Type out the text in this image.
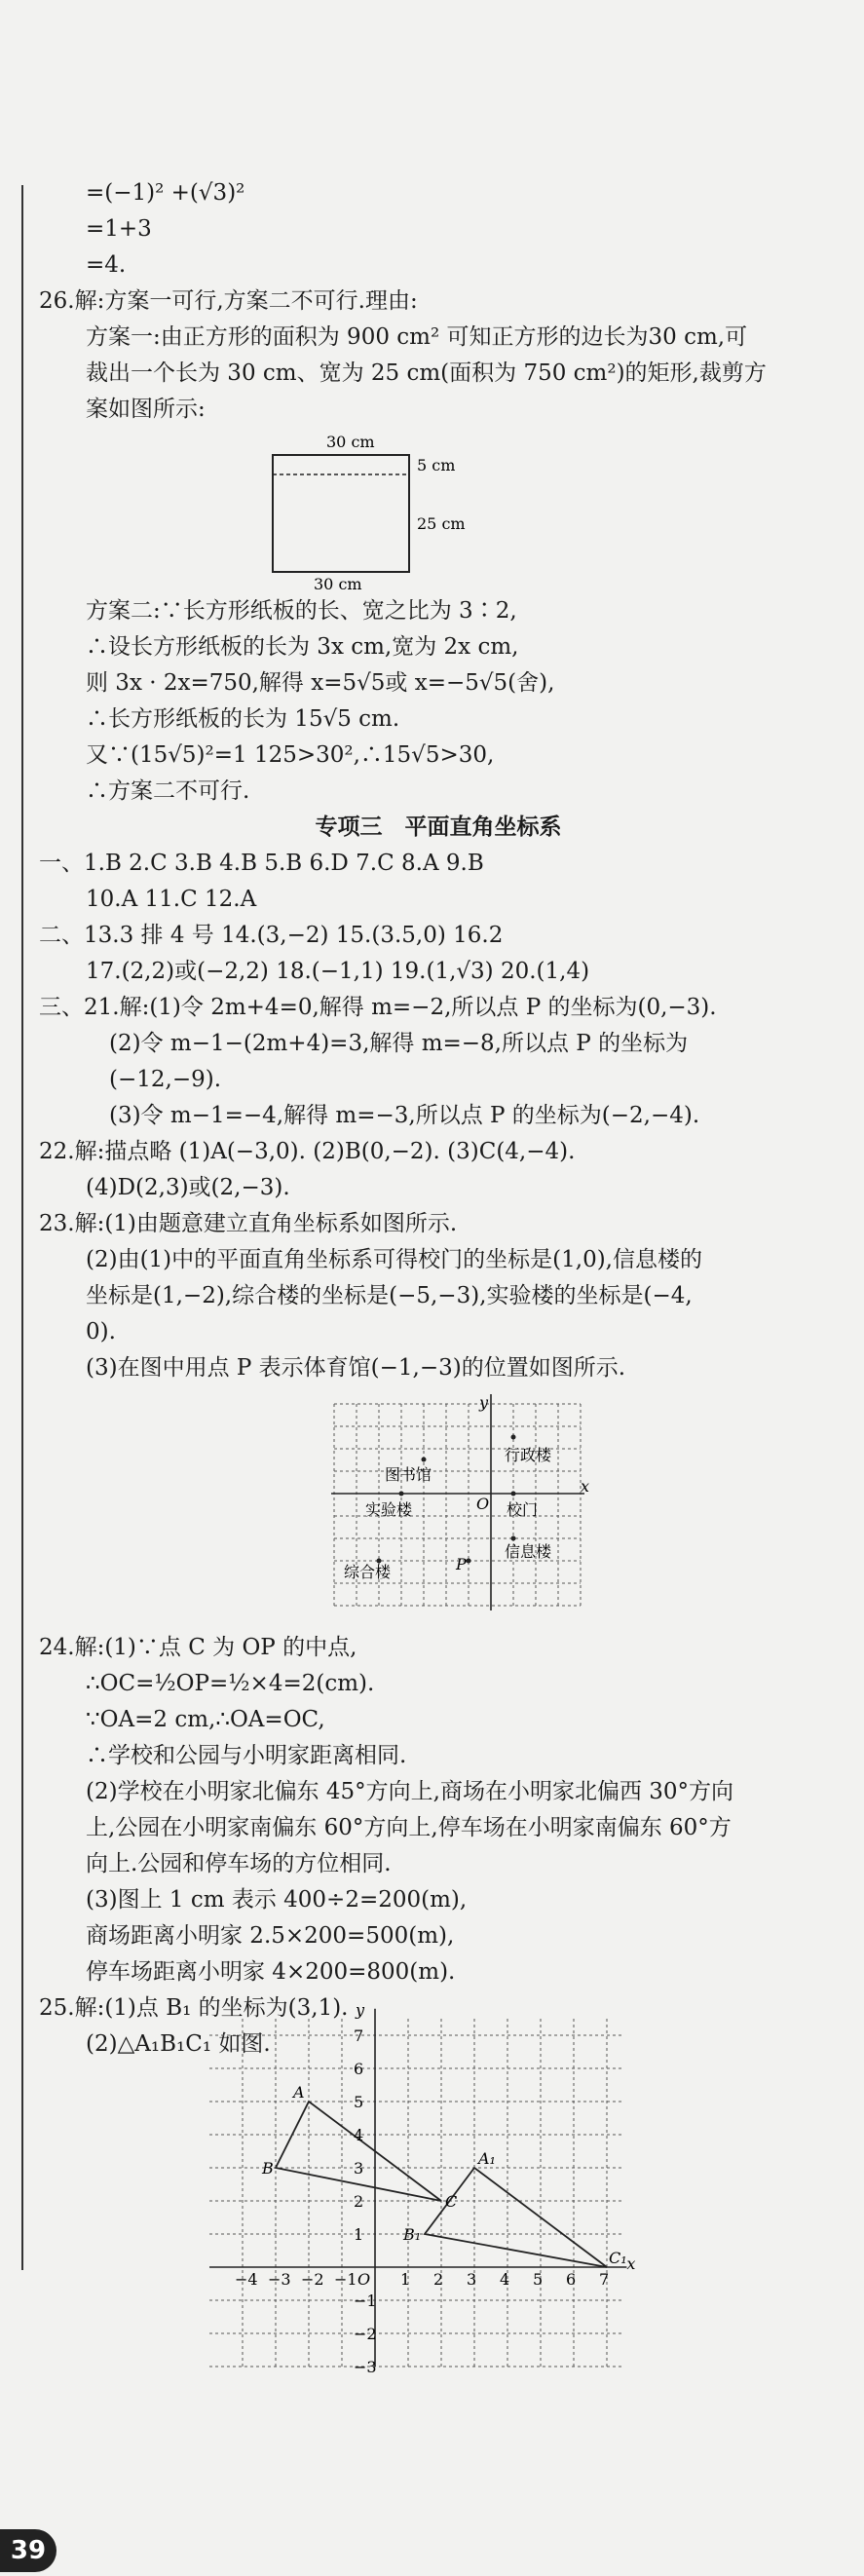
=(−1)² +(√3)²
=1+3
=4.
26.解:方案一可行,方案二不可行.理由:
方案一:由正方形的面积为 900 cm² 可知正方形的边长为30 cm,可
裁出一个长为 30 cm、宽为 25 cm(面积为 750 cm²)的矩形,裁剪方
案如图所示:
30 cm
5 cm
25 cm
30 cm
方案二:∵长方形纸板的长、宽之比为 3∶2,
∴设长方形纸板的长为 3x cm,宽为 2x cm,
则 3x · 2x=750,解得 x=5√5或 x=−5√5(舍),
∴长方形纸板的长为 15√5 cm.
又∵(15√5)²=1 125>30²,∴15√5>30,
∴方案二不可行.
专项三　平面直角坐标系
一、1.B 2.C 3.B 4.B 5.B 6.D 7.C 8.A 9.B
10.A 11.C 12.A
二、13.3 排 4 号 14.(3,−2) 15.(3.5,0) 16.2
17.(2,2)或(−2,2) 18.(−1,1) 19.(1,√3) 20.(1,4)
三、21.解:(1)令 2m+4=0,解得 m=−2,所以点 P 的坐标为(0,−3).
(2)令 m−1−(2m+4)=3,解得 m=−8,所以点 P 的坐标为
(−12,−9).
(3)令 m−1=−4,解得 m=−3,所以点 P 的坐标为(−2,−4).
22.解:描点略 (1)A(−3,0). (2)B(0,−2). (3)C(4,−4).
(4)D(2,3)或(2,−3).
23.解:(1)由题意建立直角坐标系如图所示.
(2)由(1)中的平面直角坐标系可得校门的坐标是(1,0),信息楼的
坐标是(1,−2),综合楼的坐标是(−5,−3),实验楼的坐标是(−4,
0).
(3)在图中用点 P 表示体育馆(−1,−3)的位置如图所示.
y
x
O
行政楼
图书馆
实验楼	校门
信息楼
综合楼	P
24.解:(1)∵点 C 为 OP 的中点,
∴OC=½OP=½×4=2(cm).
∵OA=2 cm,∴OA=OC,
∴学校和公园与小明家距离相同.
(2)学校在小明家北偏东 45°方向上,商场在小明家北偏西 30°方向
上,公园在小明家南偏东 60°方向上,停车场在小明家南偏东 60°方
向上.公园和停车场的方位相同.
(3)图上 1 cm 表示 400÷2=200(m),
商场距离小明家 2.5×200=500(m),
停车场距离小明家 4×200=800(m).
25.解:(1)点 B₁ 的坐标为(3,1).
(2)△A₁B₁C₁ 如图.
−4 −3 −2 −1	1 2 3 4 5 6 7
7
6
5
4
3
2
1
−1
−2
−3
O
x
y
A
B
C
A₁
B₁
C₁
39
